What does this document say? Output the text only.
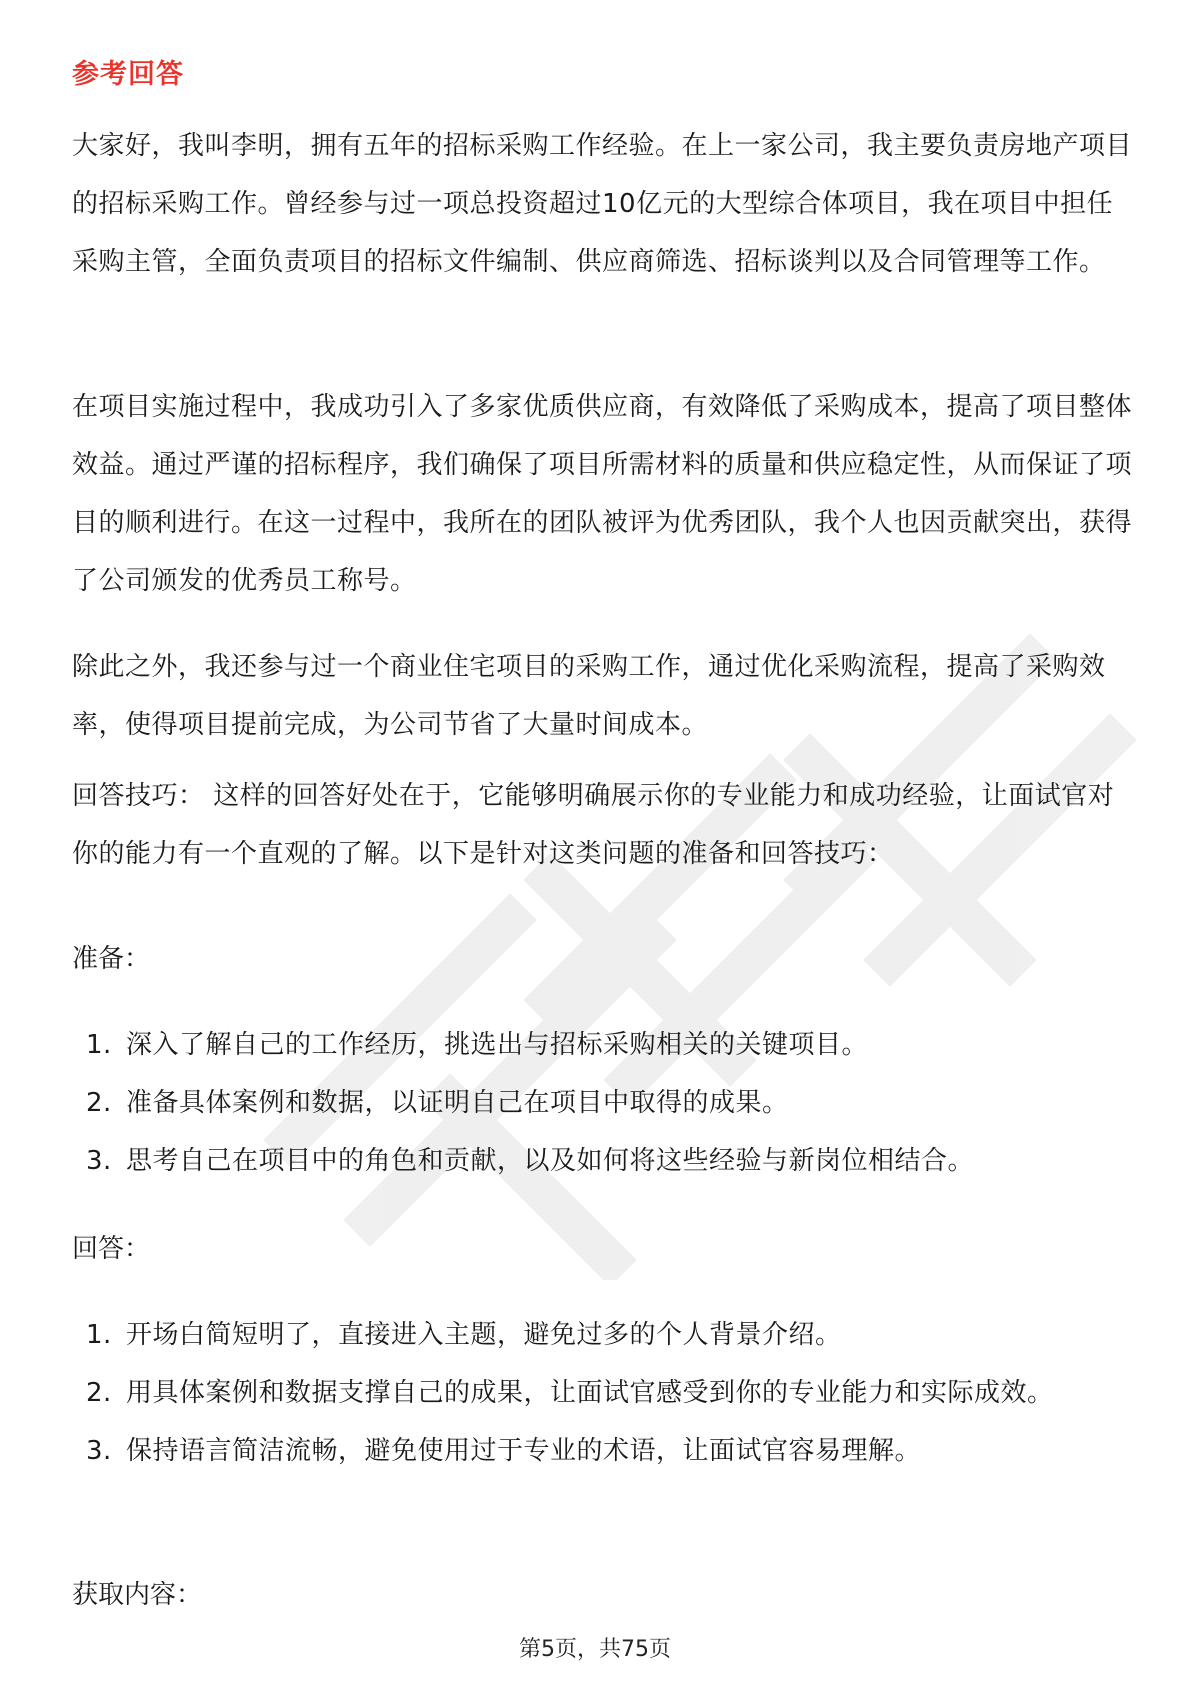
参考回答

大家好，我叫李明，拥有五年的招标采购工作经验。在上一家公司，我主要负责房地产项目的招标采购工作。曾经参与过一项总投资超过10亿元的大型综合体项目，我在项目中担任采购主管，全面负责项目的招标文件编制、供应商筛选、招标谈判以及合同管理等工作。

在项目实施过程中，我成功引入了多家优质供应商，有效降低了采购成本，提高了项目整体效益。通过严谨的招标程序，我们确保了项目所需材料的质量和供应稳定性，从而保证了项目的顺利进行。在这一过程中，我所在的团队被评为优秀团队，我个人也因贡献突出，获得了公司颁发的优秀员工称号。

除此之外，我还参与过一个商业住宅项目的采购工作，通过优化采购流程，提高了采购效率，使得项目提前完成，为公司节省了大量时间成本。

回答技巧： 这样的回答好处在于，它能够明确展示你的专业能力和成功经验，让面试官对你的能力有一个直观的了解。以下是针对这类问题的准备和回答技巧：

准备：

1. 深入了解自己的工作经历，挑选出与招标采购相关的关键项目。
2. 准备具体案例和数据，以证明自己在项目中取得的成果。
3. 思考自己在项目中的角色和贡献，以及如何将这些经验与新岗位相结合。

回答：

1. 开场白简短明了，直接进入主题，避免过多的个人背景介绍。
2. 用具体案例和数据支撑自己的成果，让面试官感受到你的专业能力和实际成效。
3. 保持语言简洁流畅，避免使用过于专业的术语，让面试官容易理解。

获取内容：

第5页，共75页
